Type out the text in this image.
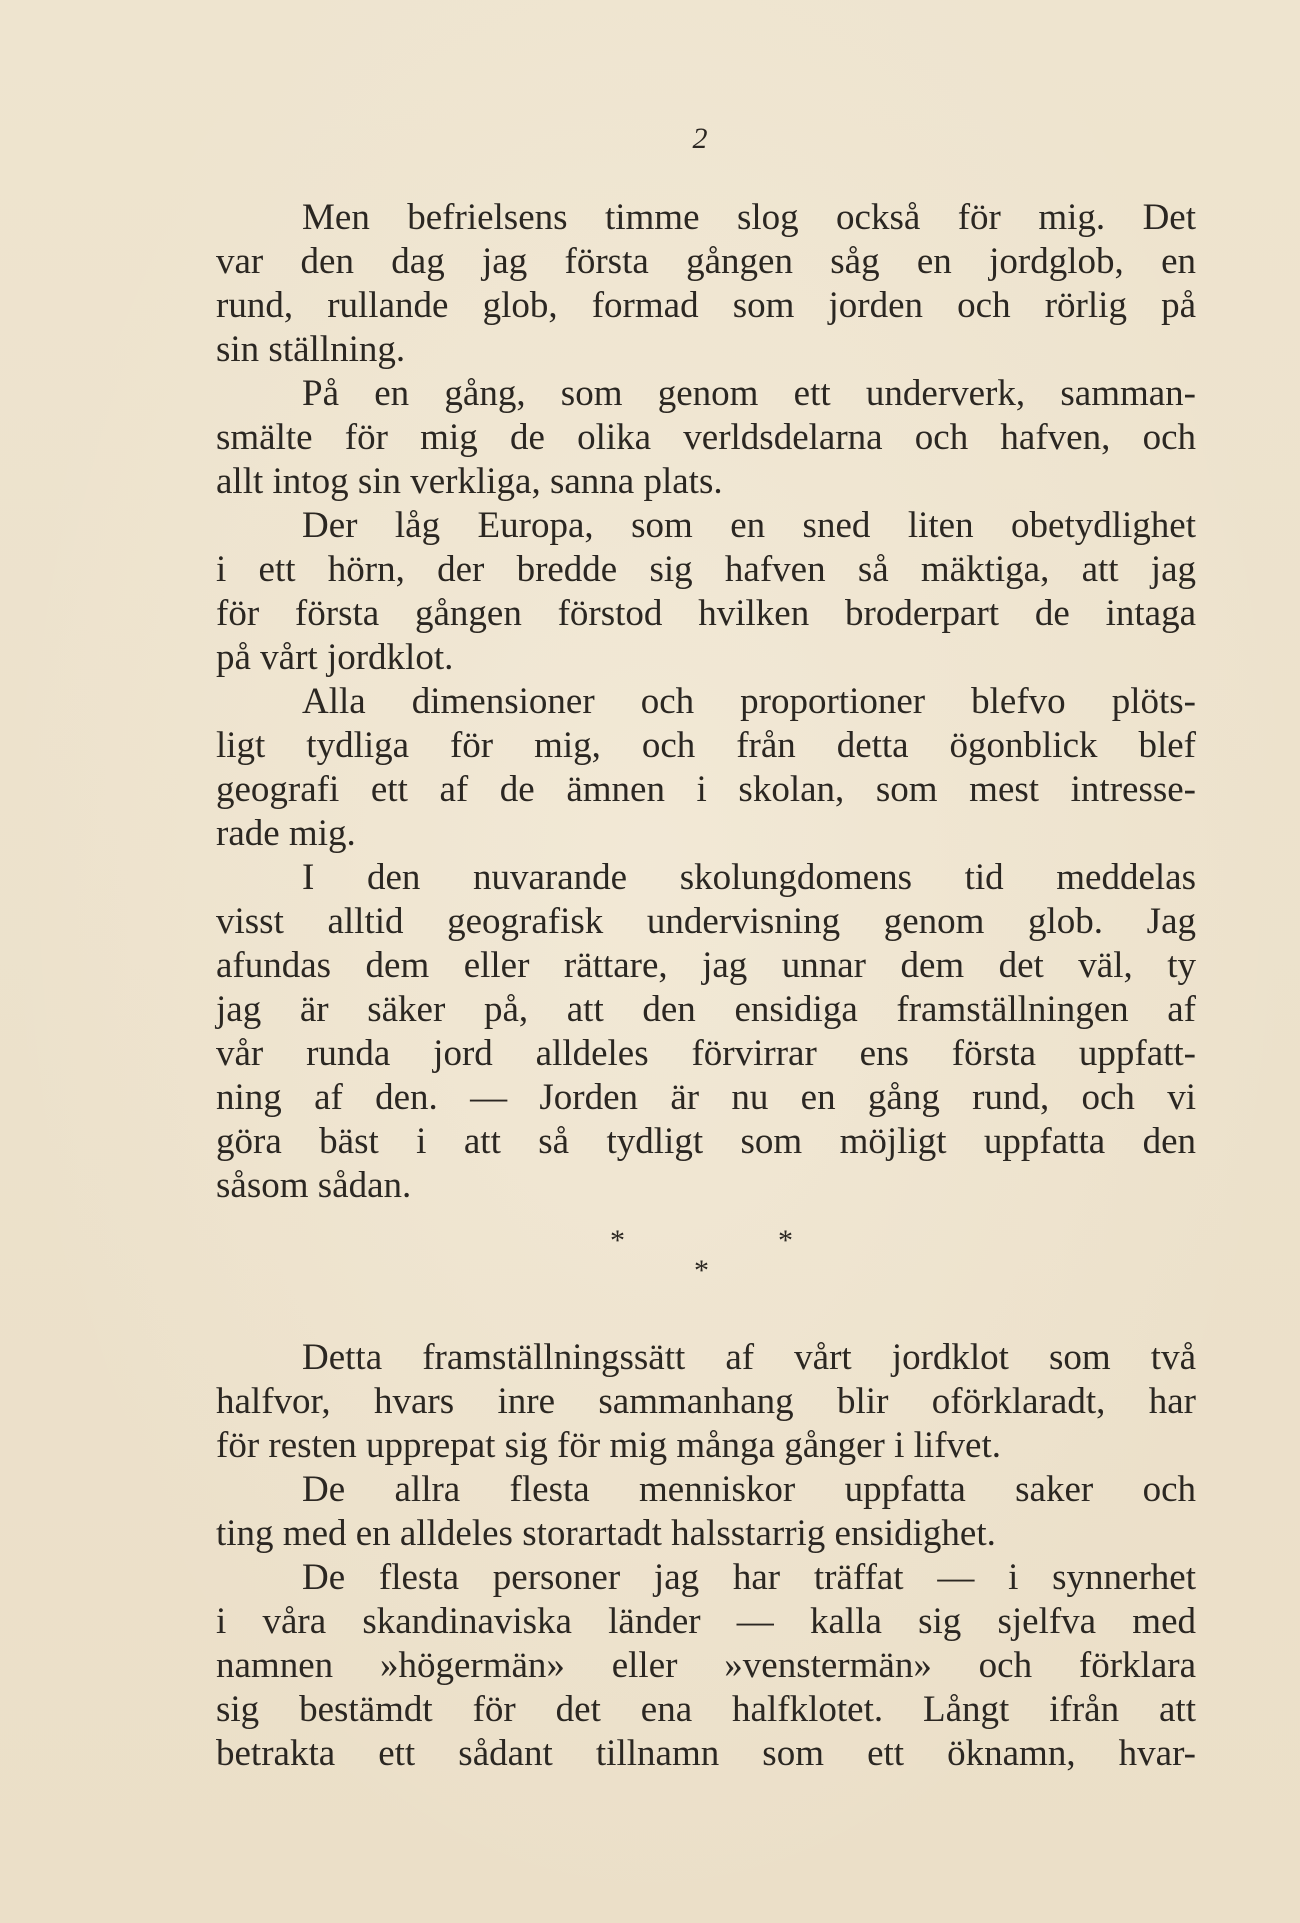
2
Men befrielsens timme slog också för mig. Det
var den dag jag första gången såg en jordglob, en
rund, rullande glob, formad som jorden och rörlig på
sin ställning.
På en gång, som genom ett underverk, samman-
smälte för mig de olika verldsdelarna och hafven, och
allt intog sin verkliga, sanna plats.
Der låg Europa, som en sned liten obetydlighet
i ett hörn, der bredde sig hafven så mäktiga, att jag
för första gången förstod hvilken broderpart de intaga
på vårt jordklot.
Alla dimensioner och proportioner blefvo plöts-
ligt tydliga för mig, och från detta ögonblick blef
geografi ett af de ämnen i skolan, som mest intresse-
rade mig.
I den nuvarande skolungdomens tid meddelas
visst alltid geografisk undervisning genom glob. Jag
afundas dem eller rättare, jag unnar dem det väl, ty
jag är säker på, att den ensidiga framställningen af
vår runda jord alldeles förvirrar ens första uppfatt-
ning af den. — Jorden är nu en gång rund, och vi
göra bäst i att så tydligt som möjligt uppfatta den
såsom sådan.
*	*
*
Detta framställningssätt af vårt jordklot som två
halfvor, hvars inre sammanhang blir oförklaradt, har
för resten upprepat sig för mig många gånger i lifvet.
De allra flesta menniskor uppfatta saker och
ting med en alldeles storartadt halsstarrig ensidighet.
De flesta personer jag har träffat — i synnerhet
i våra skandinaviska länder — kalla sig sjelfva med
namnen »högermän» eller »venstermän» och förklara
sig bestämdt för det ena halfklotet. Långt ifrån att
betrakta ett sådant tillnamn som ett öknamn, hvar-
